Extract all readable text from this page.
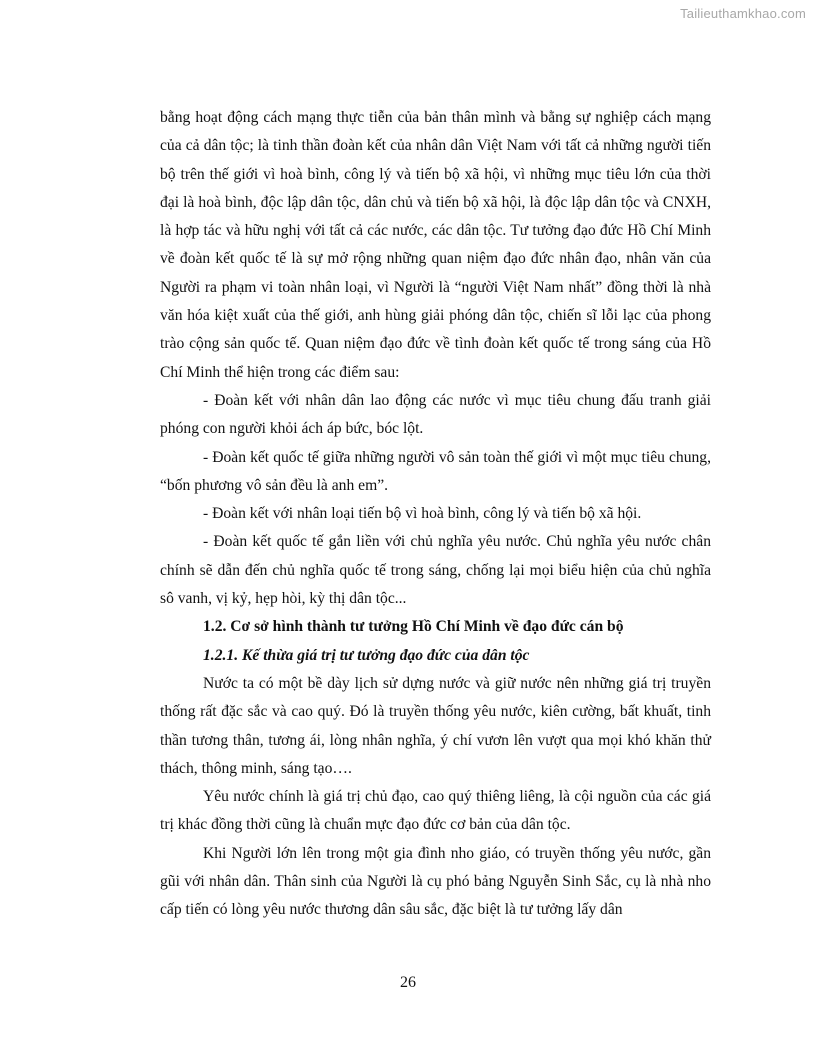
Tailieuthamkhao.com

bằng hoạt động cách mạng thực tiễn của bản thân mình và bằng sự nghiệp cách mạng của cả dân tộc; là tinh thần đoàn kết của nhân dân Việt Nam với tất cả những người tiến bộ trên thế giới vì hoà bình, công lý và tiến bộ xã hội, vì những mục tiêu lớn của thời đại là hoà bình, độc lập dân tộc, dân chủ và tiến bộ xã hội, là độc lập dân tộc và CNXH, là hợp tác và hữu nghị với tất cả các nước, các dân tộc. Tư tưởng đạo đức Hồ Chí Minh về đoàn kết quốc tế là sự mở rộng những quan niệm đạo đức nhân đạo, nhân văn của Người ra phạm vi toàn nhân loại, vì Người là “người Việt Nam nhất” đồng thời là nhà văn hóa kiệt xuất của thế giới, anh hùng giải phóng dân tộc, chiến sĩ lỗi lạc của phong trào cộng sản quốc tế. Quan niệm đạo đức về tình đoàn kết quốc tế trong sáng của Hồ Chí Minh thể hiện trong các điểm sau:

- Đoàn kết với nhân dân lao động các nước vì mục tiêu chung đấu tranh giải phóng con người khỏi ách áp bức, bóc lột.

- Đoàn kết quốc tế giữa những người vô sản toàn thế giới vì một mục tiêu chung, “bốn phương vô sản đều là anh em”.

- Đoàn kết với nhân loại tiến bộ vì hoà bình, công lý và tiến bộ xã hội.

- Đoàn kết quốc tế gắn liền với chủ nghĩa yêu nước. Chủ nghĩa yêu nước chân chính sẽ dẫn đến chủ nghĩa quốc tế trong sáng, chống lại mọi biểu hiện của chủ nghĩa sô vanh, vị kỷ, hẹp hòi, kỳ thị dân tộc...

1.2. Cơ sở hình thành tư tưởng Hồ Chí Minh về đạo đức cán bộ

1.2.1. Kế thừa giá trị tư tưởng đạo đức của dân tộc

Nước ta có một bề dày lịch sử dựng nước và giữ nước nên những giá trị truyền thống rất đặc sắc và cao quý. Đó là truyền thống yêu nước, kiên cường, bất khuất, tinh thần tương thân, tương ái, lòng nhân nghĩa, ý chí vươn lên vượt qua mọi khó khăn thử thách, thông minh, sáng tạo….

Yêu nước chính là giá trị chủ đạo, cao quý thiêng liêng, là cội nguồn của các giá trị khác đồng thời cũng là chuẩn mực đạo đức cơ bản của dân tộc.

Khi Người lớn lên trong một gia đình nho giáo, có truyền thống yêu nước, gần gũi với nhân dân. Thân sinh của Người là cụ phó bảng Nguyễn Sinh Sắc, cụ là nhà nho cấp tiến có lòng yêu nước thương dân sâu sắc, đặc biệt là tư tưởng lấy dân

26
